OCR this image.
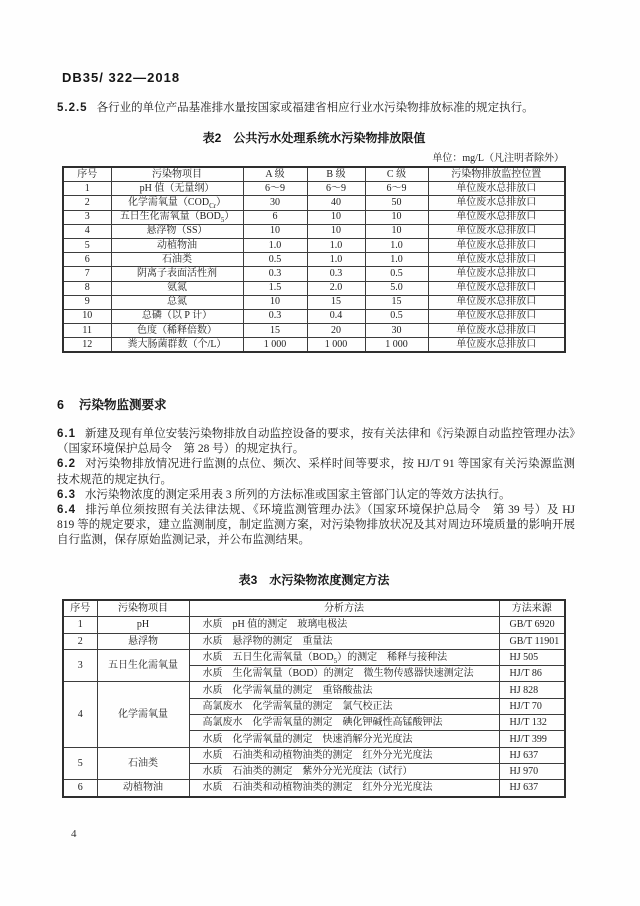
DB35/ 322—2018

5.2.5 各行业的单位产品基准排水量按国家或福建省相应行业水污染物排放标准的规定执行。

表2 公共污水处理系统水污染物排放限值
单位：mg/L（凡注明者除外）
序号	污染物项目	A 级	B 级	C 级	污染物排放监控位置
1	pH 值（无量纲）	6～9	6～9	6～9	单位废水总排放口
2	化学需氧量$(COD_{Cr})$	30	40	50	单位废水总排放口
3	五日生化需氧量$(BOD_5)$	6	10	10	单位废水总排放口
4	悬浮物（SS）	10	10	10	单位废水总排放口
5	动植物油	1.0	1.0	1.0	单位废水总排放口
6	石油类	0.5	1.0	1.0	单位废水总排放口
7	阴离子表面活性剂	0.3	0.3	0.5	单位废水总排放口
8	氨氮	1.5	2.0	5.0	单位废水总排放口
9	总氮	10	15	15	单位废水总排放口
10	总磷（以 P 计）	0.3	0.4	0.5	单位废水总排放口
11	色度（稀释倍数）	15	20	30	单位废水总排放口
12	粪大肠菌群数（个/L）	1 000	1 000	1 000	单位废水总排放口
6 污染物监测要求

6.1 新建及现有单位安装污染物排放自动监控设备的要求，按有关法律和《污染源自动监控管理办法》（国家环境保护总局令　第 28 号）的规定执行。

6.2 对污染物排放情况进行监测的点位、频次、采样时间等要求，按 HJ/T 91 等国家有关污染源监测技术规范的规定执行。

6.3 水污染物浓度的测定采用表 3 所列的方法标准或国家主管部门认定的等效方法执行。

6.4 排污单位须按照有关法律法规、《环境监测管理办法》（国家环境保护总局令　第 39 号）及 HJ 819 等的规定要求，建立监测制度，制定监测方案，对污染物排放状况及其对周边环境质量的影响开展自行监测，保存原始监测记录，并公布监测结果。

表3 水污染物浓度测定方法
序号	污染物项目	分析方法	方法来源
1	pH	水质　pH 值的测定　玻璃电极法	GB/T 6920
2	悬浮物	水质　悬浮物的测定　重量法	GB/T 11901
3	五日生化需氧量	水质　五日生化需氧量$(BOD_5)$的测定　稀释与接种法	HJ 505
		水质　生化需氧量（BOD）的测定　微生物传感器快速测定法	HJ/T 86
4	化学需氧量	水质　化学需氧量的测定　重铬酸盐法	HJ 828
		高氯废水　化学需氧量的测定　氯气校正法	HJ/T 70
		高氯废水　化学需氧量的测定　碘化钾碱性高锰酸钾法	HJ/T 132
		水质　化学需氧量的测定　快速消解分光光度法	HJ/T 399
5	石油类	水质　石油类和动植物油类的测定　红外分光光度法	HJ 637
		水质　石油类的测定　紫外分光光度法（试行）	HJ 970
6	动植物油	水质　石油类和动植物油类的测定　红外分光光度法	HJ 637
4
